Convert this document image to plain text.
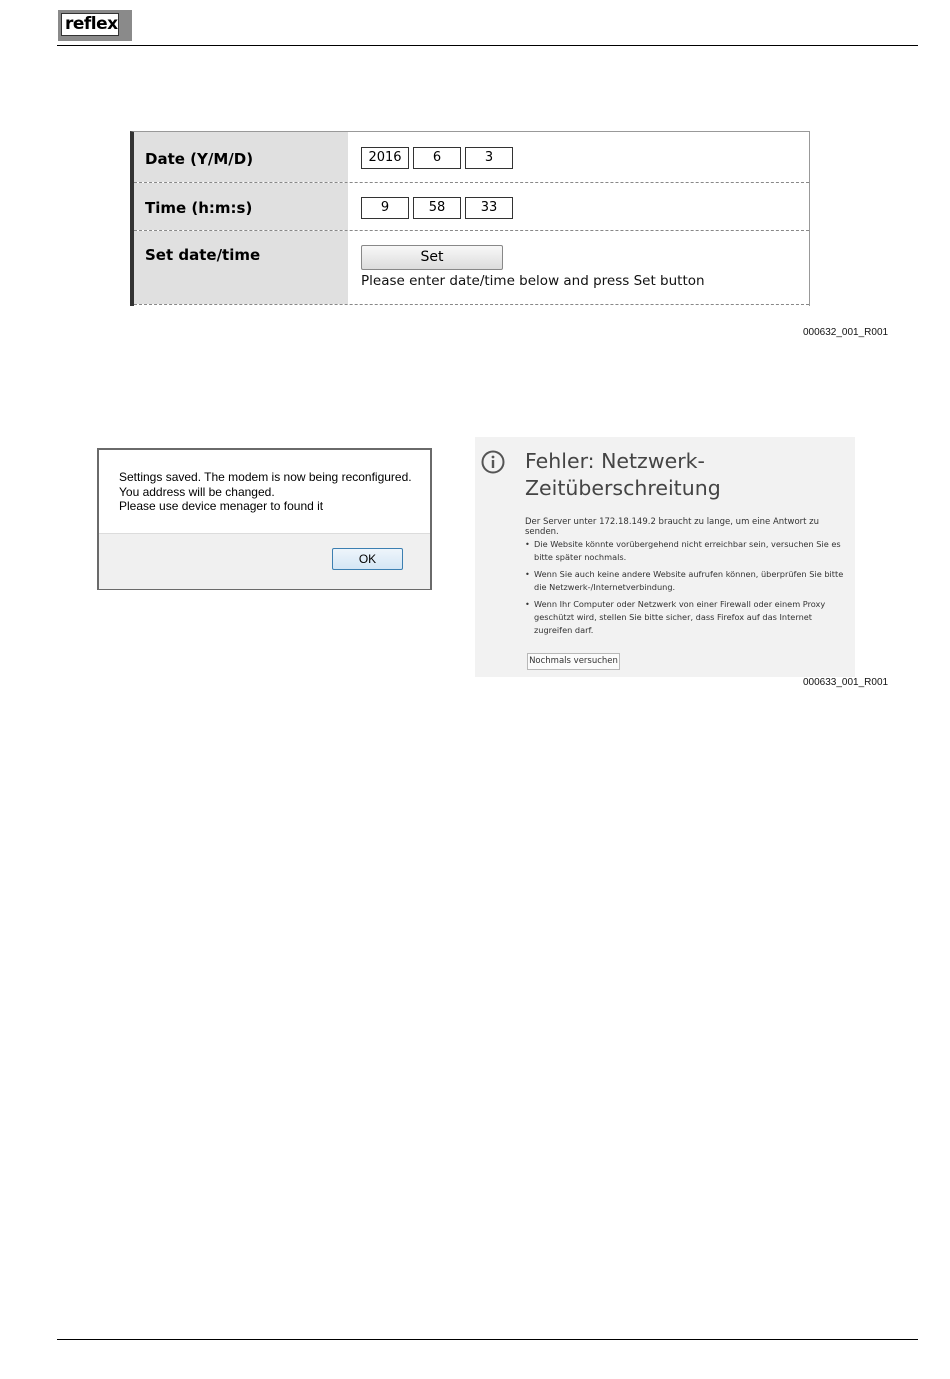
reflex
Date (Y/M/D)	2016	6	3
Time (h:m:s)	9	58	33
Set date/time	Set
Please enter date/time below and press Set button
000632_001_R001
Settings saved. The modem is now being reconfigured.
You address will be changed.
Please use device menager to found it
OK
Fehler: Netzwerk-
Zeitüberschreitung
Der Server unter 172.18.149.2 braucht zu lange, um eine Antwort zu senden.
• Die Website könnte vorübergehend nicht erreichbar sein, versuchen Sie es bitte später nochmals.
• Wenn Sie auch keine andere Website aufrufen können, überprüfen Sie bitte die Netzwerk-/Internetverbindung.
• Wenn Ihr Computer oder Netzwerk von einer Firewall oder einem Proxy geschützt wird, stellen Sie bitte sicher, dass Firefox auf das Internet zugreifen darf.
Nochmals versuchen
000633_001_R001
